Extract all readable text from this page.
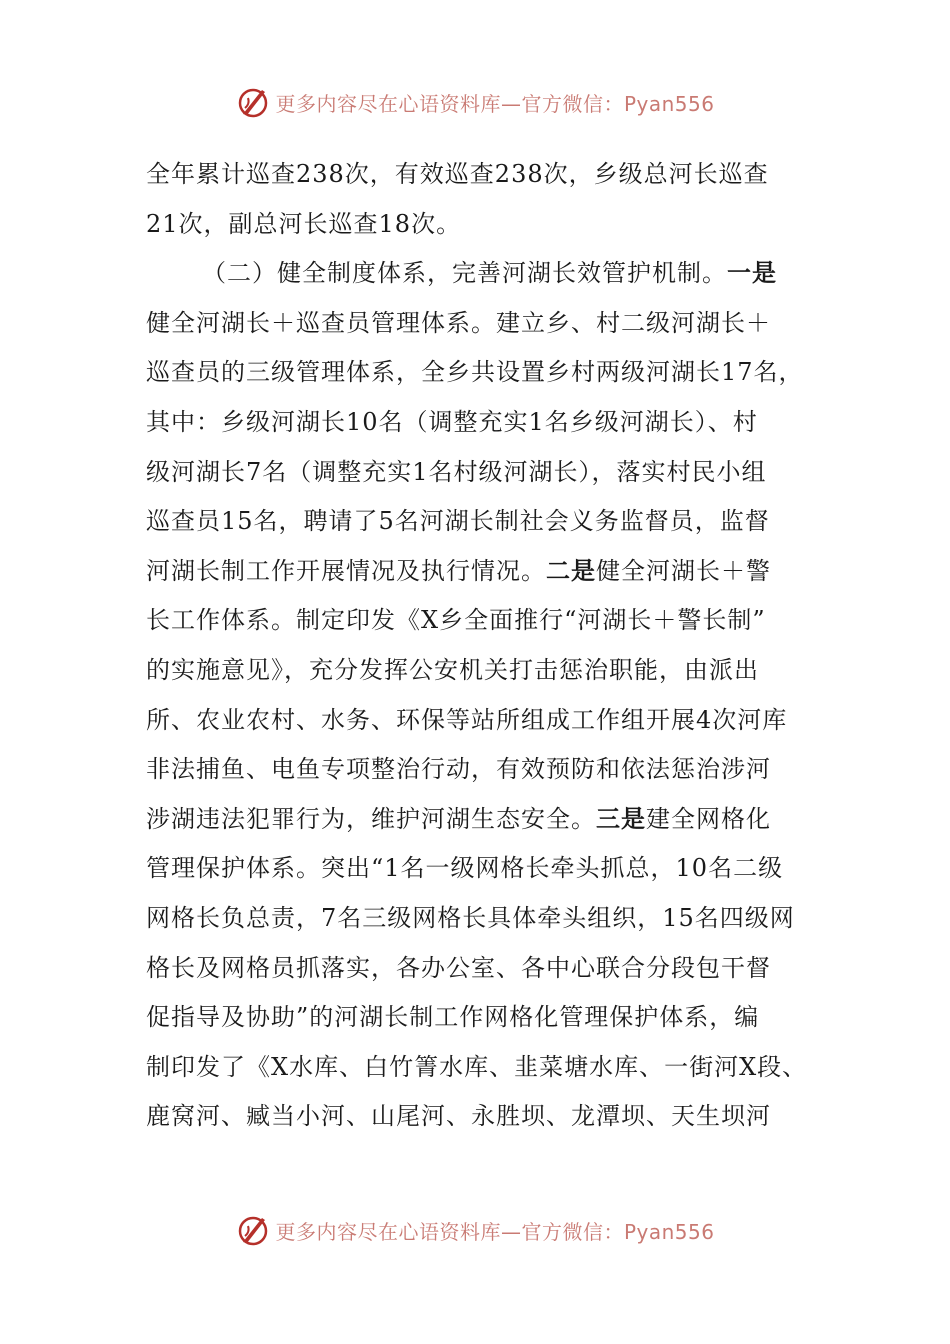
更多内容尽在心语资料库—官方微信：Pyan556
全年累计巡查238次，有效巡查238次，乡级总河长巡查
21次，副总河长巡查18次。
（二）健全制度体系，完善河湖长效管护机制。一是
健全河湖长＋巡查员管理体系。建立乡、村二级河湖长＋
巡查员的三级管理体系，全乡共设置乡村两级河湖长17名，
其中：乡级河湖长10名（调整充实1名乡级河湖长）、村
级河湖长7名（调整充实1名村级河湖长），落实村民小组
巡查员15名，聘请了5名河湖长制社会义务监督员，监督
河湖长制工作开展情况及执行情况。二是健全河湖长＋警
长工作体系。制定印发《X乡全面推行“河湖长＋警长制”
的实施意见》，充分发挥公安机关打击惩治职能，由派出
所、农业农村、水务、环保等站所组成工作组开展4次河库
非法捕鱼、电鱼专项整治行动，有效预防和依法惩治涉河
涉湖违法犯罪行为，维护河湖生态安全。三是建全网格化
管理保护体系。突出“1名一级网格长牵头抓总，10名二级
网格长负总责，7名三级网格长具体牵头组织，15名四级网
格长及网格员抓落实，各办公室、各中心联合分段包干督
促指导及协助”的河湖长制工作网格化管理保护体系，编
制印发了《X水库、白竹箐水库、韭菜塘水库、一街河X段、
鹿窝河、臧当小河、山尾河、永胜坝、龙潭坝、天生坝河
更多内容尽在心语资料库—官方微信：Pyan556
